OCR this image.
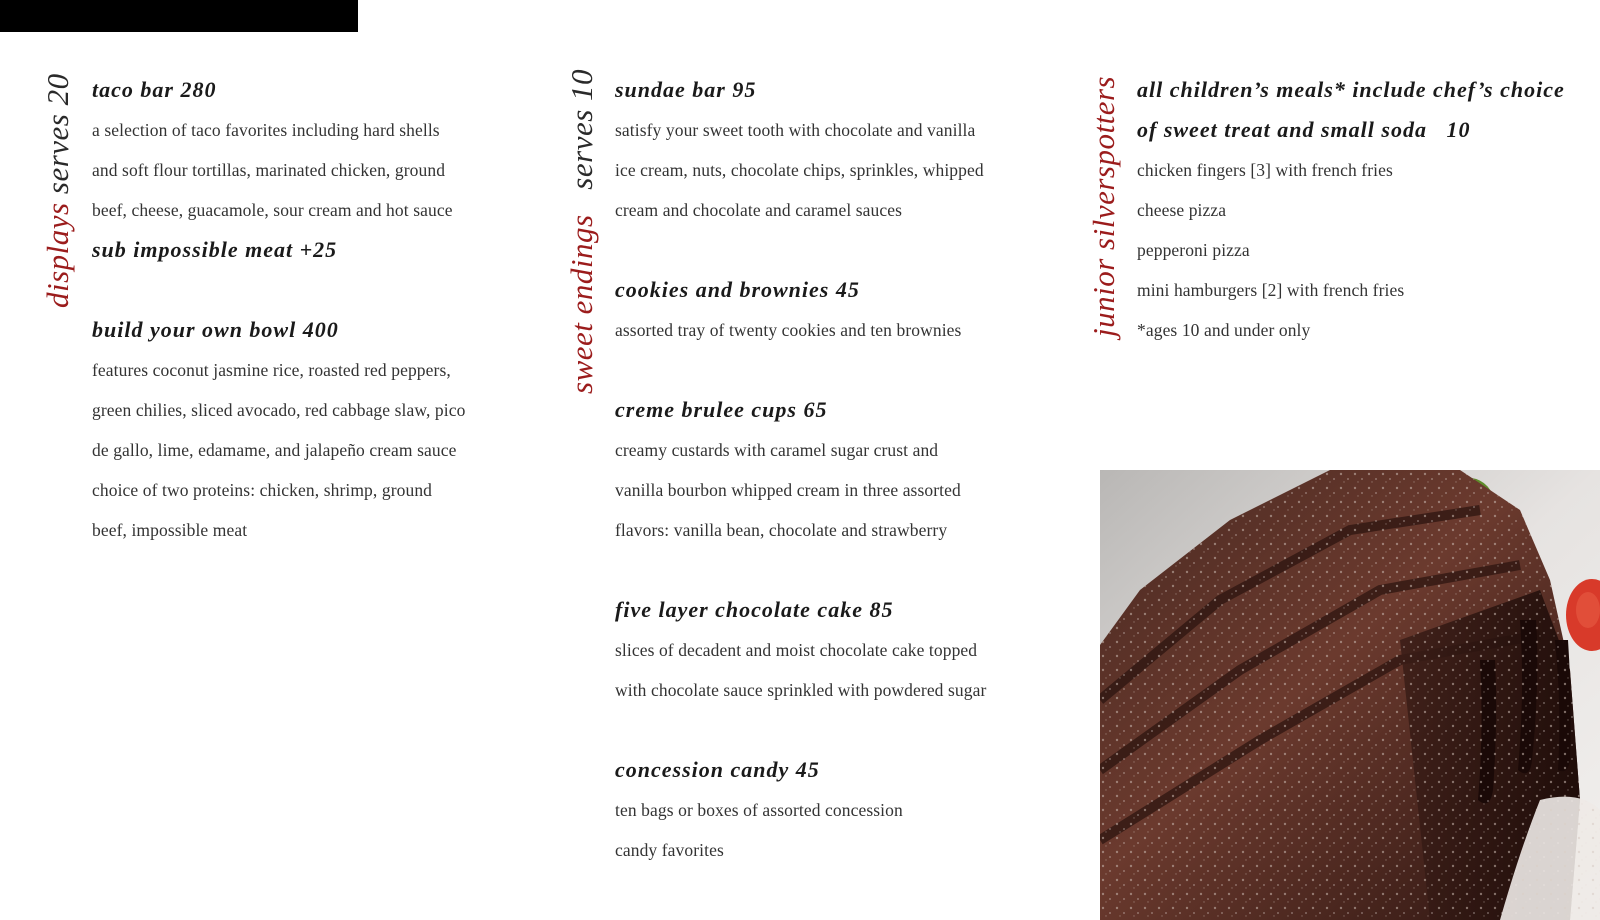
displays serves 20 taco bar 280
a selection of taco favorites including hard shells
and soft flour tortillas, marinated chicken, ground
beef, cheese, guacamole, sour cream and hot sauce
sub impossible meat +25
build your own bowl 400
features coconut jasmine rice, roasted red peppers,
green chilies, sliced avocado, red cabbage slaw, pico
de gallo, lime, edamame, and jalapeño cream sauce
choice of two proteins: chicken, shrimp, ground
beef, impossible meat
sweet endings   serves 10 sundae bar 95
satisfy your sweet tooth with chocolate and vanilla
ice cream, nuts, chocolate chips, sprinkles, whipped
cream and chocolate and caramel sauces
cookies and brownies 45
assorted tray of twenty cookies and ten brownies
creme brulee cups 65
creamy custards with caramel sugar crust and
vanilla bourbon whipped cream in three assorted
flavors: vanilla bean, chocolate and strawberry
five layer chocolate cake 85
slices of decadent and moist chocolate cake topped
with chocolate sauce sprinkled with powdered sugar
concession candy 45
ten bags or boxes of assorted concession
candy favorites
junior silverspotters all children’s meals* include chef’s choice
of sweet treat and small soda   10
chicken fingers [3] with french fries
cheese pizza
pepperoni pizza
mini hamburgers [2] with french fries
*ages 10 and under only
